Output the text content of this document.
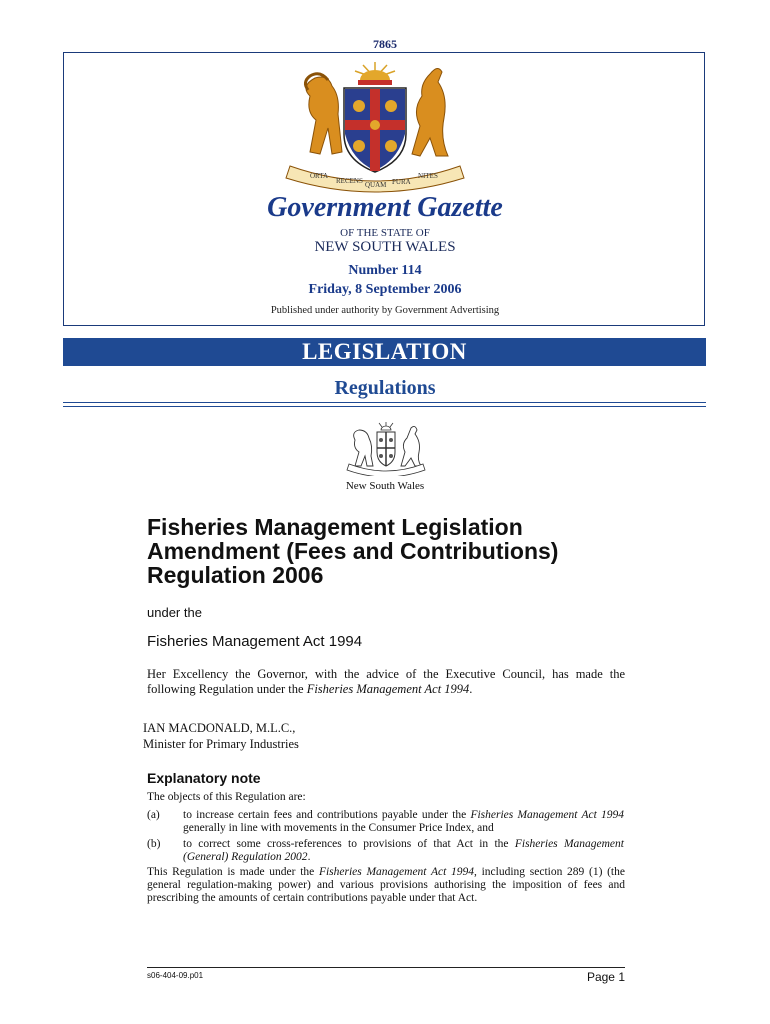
7865
ORTA
RECENS QUAM PURA
NITES
Government Gazette
OF THE STATE OF
NEW SOUTH WALES
Number 114
Friday, 8 September 2006
Published under authority by Government Advertising
LEGISLATION
Regulations
New South Wales
Fisheries Management Legislation
Amendment (Fees and Contributions)
Regulation 2006
under the
Fisheries Management Act 1994
Her Excellency the Governor, with the advice of the Executive Council, has made the following Regulation under the Fisheries Management Act 1994.
IAN MACDONALD, M.L.C.,
Minister for Primary Industries
Explanatory note
The objects of this Regulation are:
(a) to increase certain fees and contributions payable under the Fisheries Management Act 1994 generally in line with movements in the Consumer Price Index, and
(b) to correct some cross-references to provisions of that Act in the Fisheries Management (General) Regulation 2002.
This Regulation is made under the Fisheries Management Act 1994, including section 289 (1) (the general regulation-making power) and various provisions authorising the imposition of fees and prescribing the amounts of certain contributions payable under that Act.
s06-404-09.p01	Page 1
